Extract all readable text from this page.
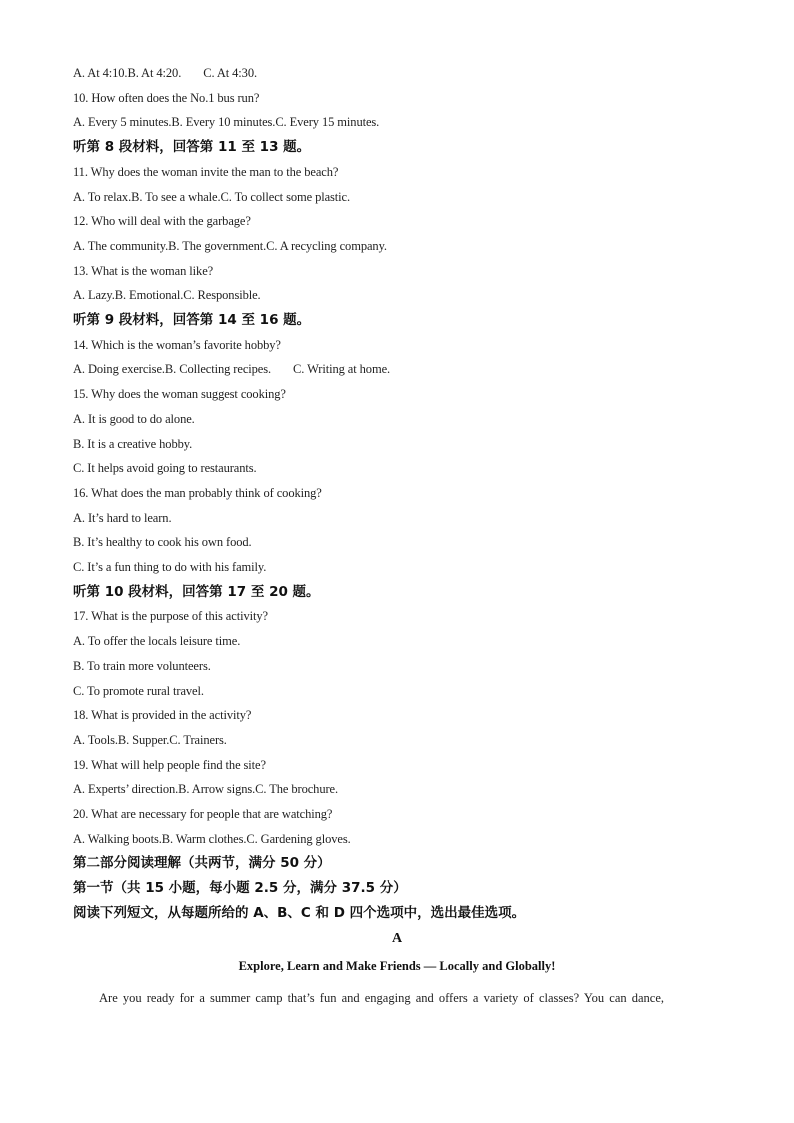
A. At 4:10.B. At 4:20. C. At 4:30.
10. How often does the No.1 bus run?
A. Every 5 minutes.B. Every 10 minutes.C. Every 15 minutes.
听第 8 段材料，回答第 11 至 13 题。
11. Why does the woman invite the man to the beach?
A. To relax.B. To see a whale.C. To collect some plastic.
12. Who will deal with the garbage?
A. The community.B. The government.C. A recycling company.
13. What is the woman like?
A. Lazy.B. Emotional.C. Responsible.
听第 9 段材料，回答第 14 至 16 题。
14. Which is the woman’s favorite hobby?
A. Doing exercise.B. Collecting recipes. C. Writing at home.
15. Why does the woman suggest cooking?
A. It is good to do alone.
B. It is a creative hobby.
C. It helps avoid going to restaurants.
16. What does the man probably think of cooking?
A. It’s hard to learn.
B. It’s healthy to cook his own food.
C. It’s a fun thing to do with his family.
听第 10 段材料，回答第 17 至 20 题。
17. What is the purpose of this activity?
A. To offer the locals leisure time.
B. To train more volunteers.
C. To promote rural travel.
18. What is provided in the activity?
A. Tools.B. Supper.C. Trainers.
19. What will help people find the site?
A. Experts’ direction.B. Arrow signs.C. The brochure.
20. What are necessary for people that are watching?
A. Walking boots.B. Warm clothes.C. Gardening gloves.
第二部分阅读理解（共两节，满分 50 分）
第一节（共 15 小题，每小题 2.5 分，满分 37.5 分）
阅读下列短文，从每题所给的 A、B、C 和 D 四个选项中，选出最佳选项。
A
Explore, Learn and Make Friends — Locally and Globally!
Are you ready for a summer camp that’s fun and engaging and offers a variety of classes? You can dance,
